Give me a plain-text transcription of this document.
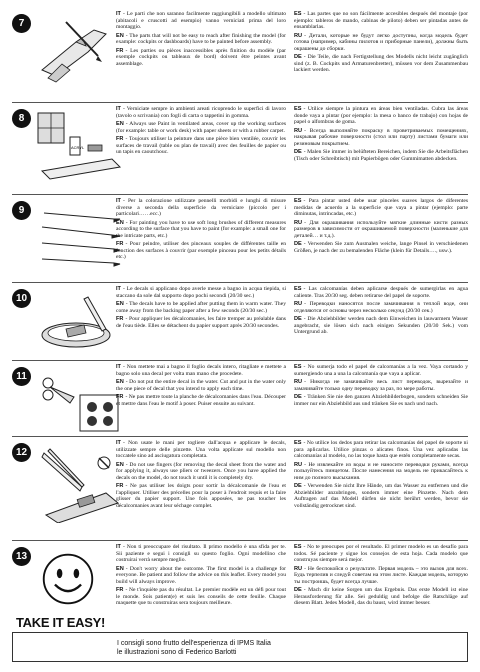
7

IT - Le parti che non saranno facilmente raggiungibili a modello ultimato (abitacoli e cruscotti ad esempio) vanno verniciati prima del loro montaggio.

EN - The parts that will not be easy to reach after finishing the model (for example: cockpits or dashboards) have to be painted before assembly.

FR - Les parties ou pièces inaccessibles après finition du modèle (par exemple cockpits ou tableaux de bord) doivent être peintes avant assemblage.

ES - Las partes que no son fácilmente accesibles después del montaje (por ejemplo: tableros de mando, cabinas de piloto) deben ser pintadas antes de ensamblarlas.

RU - Детали, которые не будут легко доступны, когда модель будет готова (например, кабины пилотов и приборные панели), должны быть окрашены до сборки.

DE - Die Teile, die nach Fertigstellung des Modells nicht leicht zugänglich sind (z. B. Cockpits und Armaturenbretter), müssen vor dem Zusammenbau lackiert werden.

8
ACRYL

IT - Verniciate sempre in ambienti areati ricoprendo le superfici di lavoro (tavolo o scrivania) con fogli di carta o tappetini in gomma.

EN - Always use Paint in ventilated areas, cover up the working surfaces (for example: table or work desk) with paper sheets or with a rubber carpet.

FR - Toujours utiliser la peinture dans une pièce bien ventilée, couvrir les surfaces de travail (table ou plan de travail) avec des feuilles de papier ou un tapis en caoutchouc.

ES - Utilice siempre la pintura en áreas bien ventiladas. Cubra las áreas donde vaya a pintar (por ejemplo: la mesa o banco de trabajo) con hojas de papel o alfombras de goma.

RU - Всегда выполняйте покраску в проветриваемых помещениях, накрывая рабочие поверхности (стол или парту) листами бумаги или резиновым покрытием.

DE - Malen Sie immer in belüfteten Bereichen, indem Sie die Arbeitsflächen (Tisch oder Schreibtisch) mit Papierbögen oder Gummimatten abdecken.

9

IT - Per la colorazione utilizzate pennelli morbidi e lunghi di misure diverse a seconda della superficie da verniciare (piccolo per i particolari……ecc.)

EN - For painting you have to use soft long brushes of different measures according to the surface that you have to paint (for example: a small one for the intricate parts, etc.)

FR - Pour peindre, utiliser des pinceaux souples de différentes taille en fonction des surfaces à couvrir (par exemple pinceau pour les petits détails etc.)

ES - Para pintar usted debe usar pinceles suaves largos de diferentes medidas de acuerdo a la superficie que vaya a pintar (ejemplo: parte diminutas, intrincadas, etc.)

RU - Для окрашивания используйте мягкие длинные кисти разных размеров в зависимости от окрашиваемой поверхности (маленькие для деталей… и т.д.).

DE - Verwenden Sie zum Ausmalen weiche, lange Pinsel in verschiedenen Größen, je nach der zu bemalenden Fläche (klein für Details…., usw.).

10

IT - Le decals si applicano dopo averle messe a bagno in acqua tiepida, si staccano da sole dal supporto dopo pochi secondi (20/30 sec.)

EN - The decals have to be applied after putting them in warm water. They come away from the backing paper after a few seconds (20/30 sec.)

FR - Pour appliquer les décalcomanies, les faire tremper au préalable dans de l'eau tiède. Elles se détachent du papier support après 20/30 secondes.

ES - Las calcomanías deben aplicarse después de sumergirlas en agua caliente. Tras 20/30 seg. deben retirarse del papel de soporte.

RU - Переводки наносятся после замачивания в теплой воде, они отделяются от основы через несколько секунд (20/30 сек.)

DE - Die Abziehbilder werden nach dem Einweichen in lauwarmem Wasser angebracht, sie lösen sich nach einigen Sekunden (20/30 Sek.) vom Untergrund ab.

11

IT - Non mettete mai a bagno il foglio decals intero, ritagliate e mettete a bagno solo una decal per volta man mano che procedete.

EN - Do not put the entire decal in the water. Cut and put in the water only the one piece of decal that you intend to apply each time.

FR - Ne pas mettre toute la planche de décalcomanies dans l'eau. Découper et mettre dans l'eau le motif à poser. Puiser ensuite au suivant.

ES - No sumerja todo el papel de calcomanías a la vez. Vaya cortando y sumergiendo una a una la calcomanía que vaya a aplicar.

RU - Никогда не замачивайте весь лист переводок, вырезайте и замачивайте только одну переводку за раз, по мере работы.

DE - Tränken Sie nie den ganzen Abziehbilderbogen, sondern schneiden Sie immer nur ein Abziehbild aus und tränken Sie es nach und nach.

12

IT - Non usate le mani per togliere dall'acqua e applicare le decals, utilizzate sempre delle pinzette. Una volta applicate sul modello non toccatele sino ad asciugatura completata.

EN - Do not use fingers (for removing the decal sheet from the water and for applying it, always use pliers or tweezers. Once you have applied the decals on the model, do not touch it until it is completely dry.

FR - Ne pas utiliser les doigts pour sortir la décalcomanie de l'eau et l'appliquer. Utiliser des précelles pour la poser à l'endroit requis et la faire glisser du papier support. Une fois apposées, ne pas toucher les décalcomanies avant leur séchage complet.

ES - No utilice los dedos para retirar las calcomanías del papel de soporte ni para aplicarlas. Utilice pinzas o alicates finos. Una vez aplicadas las calcomanías al modelo, no las toque hasta que estén completamente secas.

RU - Не извлекайте из воды и не наносите переводки руками, всегда пользуйтесь пинцетом. После нанесения на модель не прикасайтесь к ним до полного высыхания.

DE - Verwenden Sie nicht Ihre Hände, um das Wasser zu entfernen und die Abziehbilder anzubringen, sondern immer eine Pinzette. Nach dem Auftragen auf das Modell dürfen sie nicht berührt werden, bevor sie vollständig getrocknet sind.

13
TAKE IT EASY!

IT - Non ti preoccupare del risultato. Il primo modello è una sfida per te. Sii paziente e segui i consigli su questo foglio. Ogni modellino che costruirai verrà sempre meglio.

EN - Don't worry about the outcome. The first model is a challenge for everyone. Be patient and follow the advice on this leaflet. Every model you build will always improve.

FR - Ne t'inquiète pas du résultat. Le premier modèle est un défi pour tout le monde. Sois patient(e) et suis les conseils de cette feuille. Chaque maquette que tu construiras sera toujours meilleure.

ES - No te preocupes por el resultado. El primer modelo es un desafío para todos. Sé paciente y sigue los consejos de esta hoja. Cada modelo que construyas siempre será mejor.

RU - Не беспокойся о результате. Первая модель – это вызов для всех. Будь терпелив и следуй советам на этом листе. Каждая модель, которую ты построишь, будет всегда лучше.

DE - Mach dir keine Sorgen um das Ergebnis. Das erste Modell ist eine Herausforderung für alle. Sei geduldig und befolge die Ratschläge auf diesem Blatt. Jedes Modell, das du baust, wird immer besser.

I consigli sono frutto dell'esperienza di IPMS Italia
le illustrazioni sono di Federico Barlotti
